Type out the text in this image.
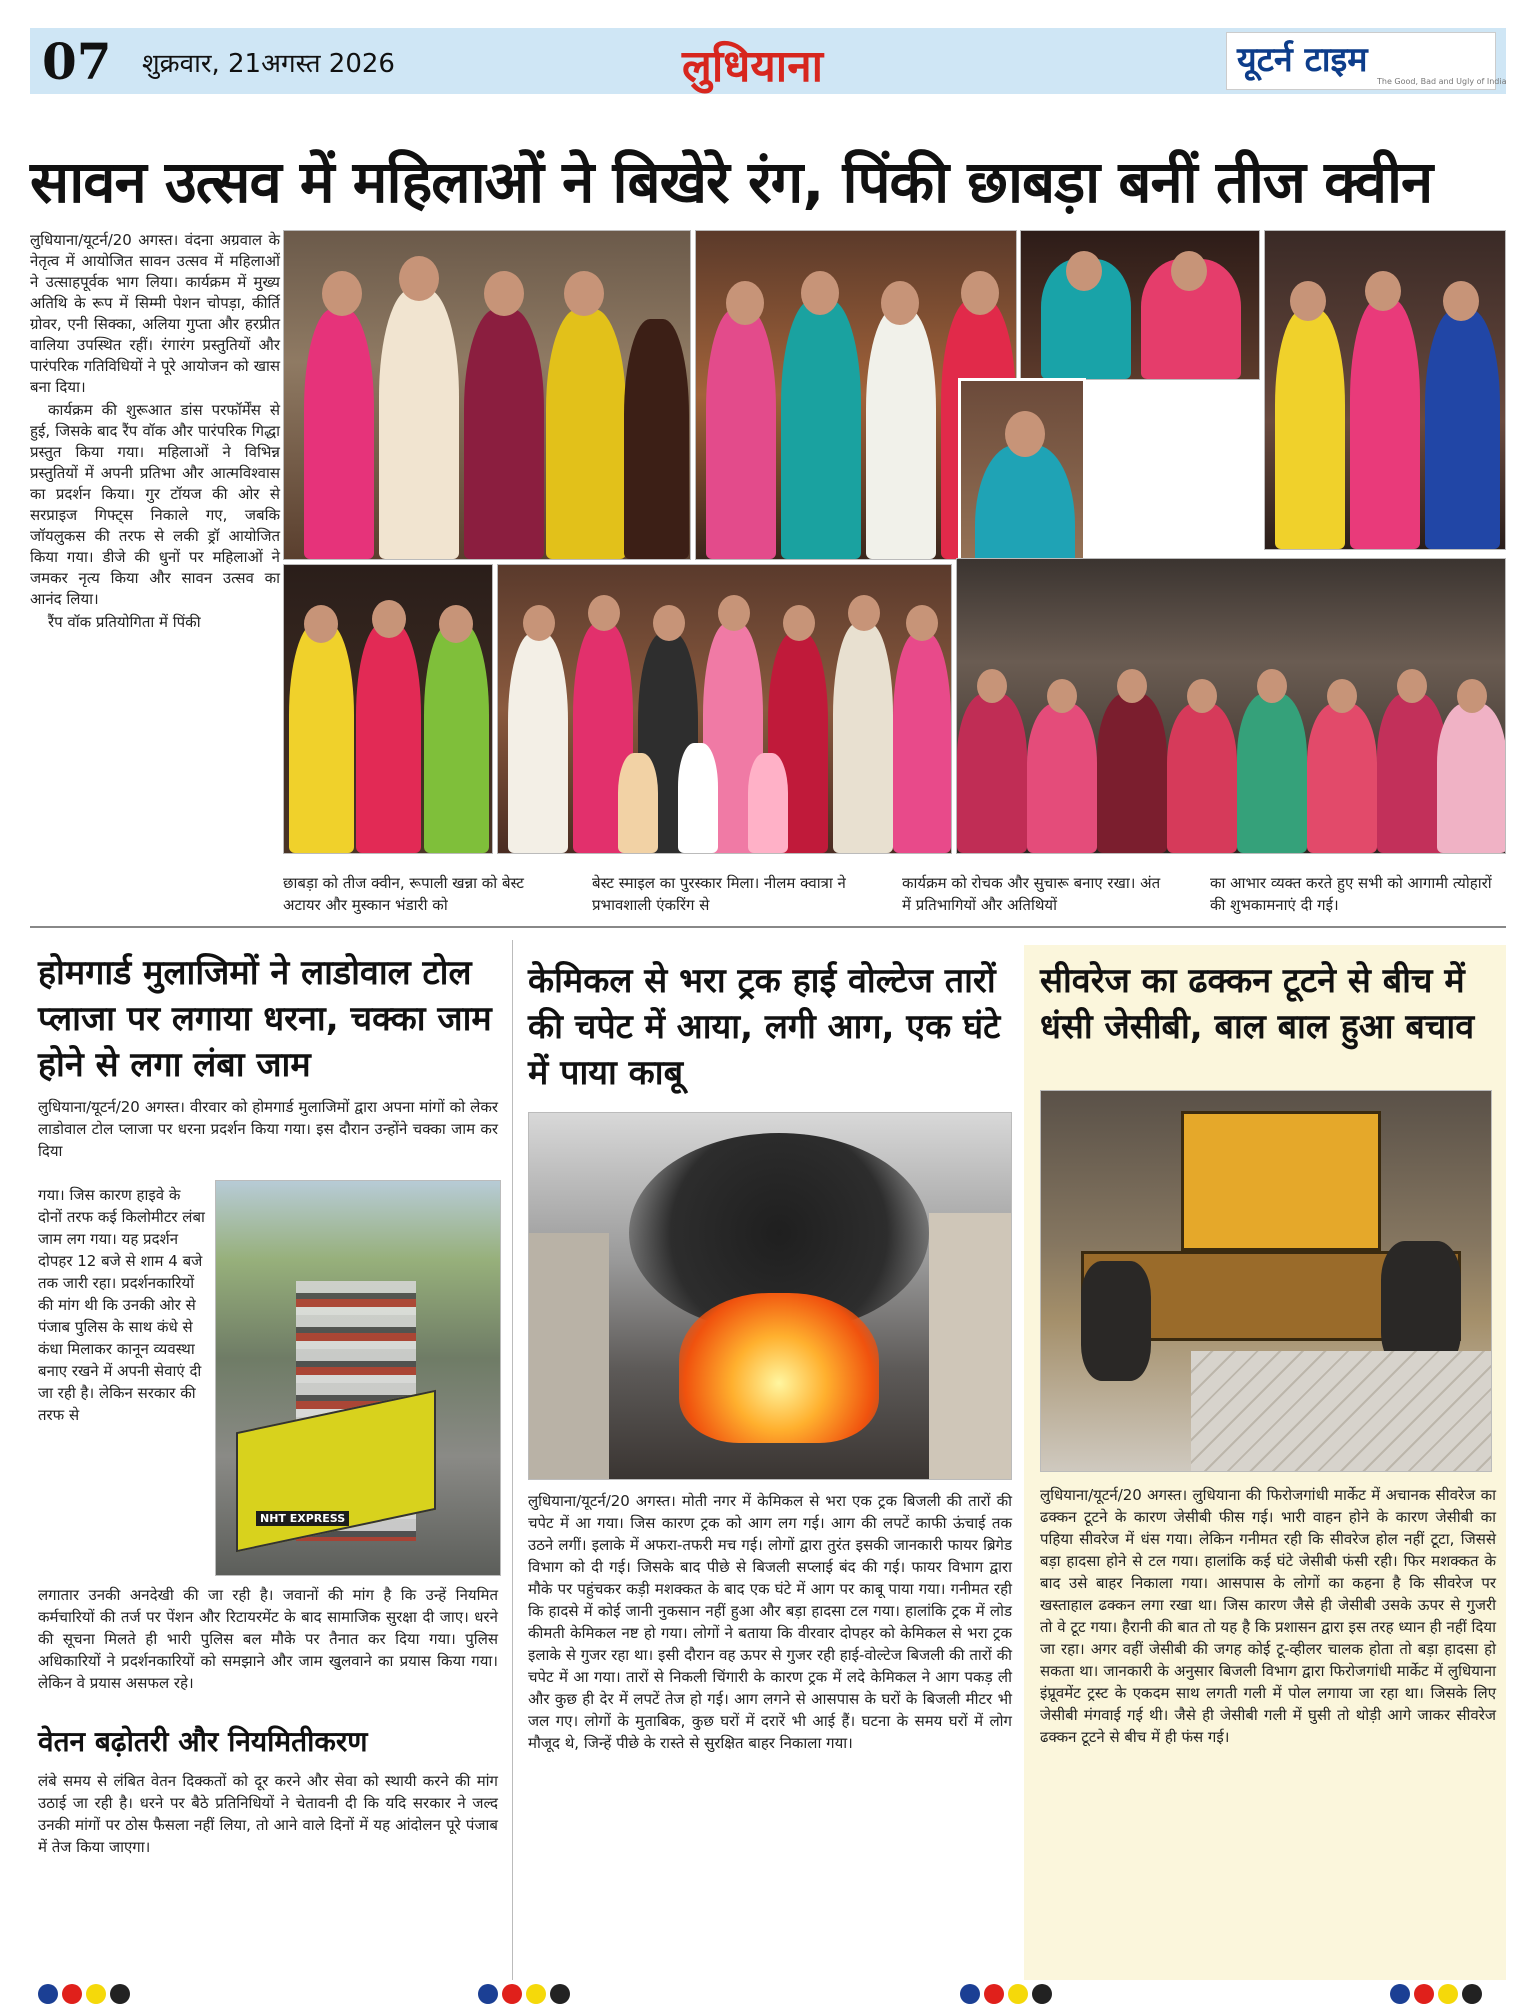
07 शुक्रवार, 21अगस्त 2026	लुधियाना	यूटर्न टाइम
The Good, Bad and Ugly of India
सावन उत्सव में महिलाओं ने बिखेरे रंग, पिंकी छाबड़ा बनीं तीज क्वीन

लुधियाना/यूटर्न/20 अगस्त। वंदना अग्रवाल के नेतृत्व में आयोजित सावन उत्सव में महिलाओं ने उत्साहपूर्वक भाग लिया। कार्यक्रम में मुख्य अतिथि के रूप में सिम्मी पेशन चोपड़ा, कीर्ति ग्रोवर, एनी सिक्का, अलिया गुप्ता और हरप्रीत वालिया उपस्थित रहीं। रंगारंग प्रस्तुतियों और पारंपरिक गतिविधियों ने पूरे आयोजन को खास बना दिया।

कार्यक्रम की शुरूआत डांस परफॉर्मेंस से हुई, जिसके बाद रैंप वॉक और पारंपरिक गिद्धा प्रस्तुत किया गया। महिलाओं ने विभिन्न प्रस्तुतियों में अपनी प्रतिभा और आत्मविश्वास का प्रदर्शन किया। गुर टॉयज की ओर से सरप्राइज गिफ्ट्स निकाले गए, जबकि जॉयलुकस की तरफ से लकी ड्रॉ आयोजित किया गया। डीजे की धुनों पर महिलाओं ने जमकर नृत्य किया और सावन उत्सव का आनंद लिया।

रैंप वॉक प्रतियोगिता में पिंकी

छाबड़ा को तीज क्वीन, रूपाली खन्ना को बेस्ट अटायर और मुस्कान भंडारी को
बेस्ट स्माइल का पुरस्कार मिला। नीलम क्वात्रा ने प्रभावशाली एंकरिंग से
कार्यक्रम को रोचक और सुचारू बनाए रखा। अंत में प्रतिभागियों और अतिथियों
का आभार व्यक्त करते हुए सभी को आगामी त्योहारों की शुभकामनाएं दी गई।
होमगार्ड मुलाजिमों ने लाडोवाल टोल प्लाजा पर लगाया धरना, चक्का जाम होने से लगा लंबा जाम
लुधियाना/यूटर्न/20 अगस्त। वीरवार को होमगार्ड मुलाजिमों द्वारा अपना मांगों को लेकर लाडोवाल टोल प्लाजा पर धरना प्रदर्शन किया गया। इस दौरान उन्होंने चक्का जाम कर दिया
गया। जिस कारण हाइवे के दोनों तरफ कई किलोमीटर लंबा जाम लग गया। यह प्रदर्शन दोपहर 12 बजे से शाम 4 बजे तक जारी रहा। प्रदर्शनकारियों की मांग थी कि उनकी ओर से पंजाब पुलिस के साथ कंधे से कंधा मिलाकर कानून व्यवस्था बनाए रखने में अपनी सेवाएं दी जा रही है। लेकिन सरकार की तरफ से
NHT EXPRESS
लगातार उनकी अनदेखी की जा रही है। जवानों की मांग है कि उन्हें नियमित कर्मचारियों की तर्ज पर पेंशन और रिटायरमेंट के बाद सामाजिक सुरक्षा दी जाए। धरने की सूचना मिलते ही भारी पुलिस बल मौके पर तैनात कर दिया गया। पुलिस अधिकारियों ने प्रदर्शनकारियों को समझाने और जाम खुलवाने का प्रयास किया गया। लेकिन वे प्रयास असफल रहे।
वेतन बढ़ोतरी और नियमितीकरण
लंबे समय से लंबित वेतन दिक्कतों को दूर करने और सेवा को स्थायी करने की मांग उठाई जा रही है। धरने पर बैठे प्रतिनिधियों ने चेतावनी दी कि यदि सरकार ने जल्द उनकी मांगों पर ठोस फैसला नहीं लिया, तो आने वाले दिनों में यह आंदोलन पूरे पंजाब में तेज किया जाएगा।
केमिकल से भरा ट्रक हाई वोल्टेज तारों की चपेट में आया, लगी आग, एक घंटे में पाया काबू
लुधियाना/यूटर्न/20 अगस्त। मोती नगर में केमिकल से भरा एक ट्रक बिजली की तारों की चपेट में आ गया। जिस कारण ट्रक को आग लग गई। आग की लपटें काफी ऊंचाई तक उठने लगीं। इलाके में अफरा-तफरी मच गई। लोगों द्वारा तुरंत इसकी जानकारी फायर ब्रिगेड विभाग को दी गई। जिसके बाद पीछे से बिजली सप्लाई बंद की गई। फायर विभाग द्वारा मौके पर पहुंचकर कड़ी मशक्कत के बाद एक घंटे में आग पर काबू पाया गया। गनीमत रही कि हादसे में कोई जानी नुकसान नहीं हुआ और बड़ा हादसा टल गया। हालांकि ट्रक में लोड कीमती केमिकल नष्ट हो गया। लोगों ने बताया कि वीरवार दोपहर को केमिकल से भरा ट्रक इलाके से गुजर रहा था। इसी दौरान वह ऊपर से गुजर रही हाई-वोल्टेज बिजली की तारों की चपेट में आ गया। तारों से निकली चिंगारी के कारण ट्रक में लदे केमिकल ने आग पकड़ ली और कुछ ही देर में लपटें तेज हो गई। आग लगने से आसपास के घरों के बिजली मीटर भी जल गए। लोगों के मुताबिक, कुछ घरों में दरारें भी आई हैं। घटना के समय घरों में लोग मौजूद थे, जिन्हें पीछे के रास्ते से सुरक्षित बाहर निकाला गया।
सीवरेज का ढक्कन टूटने से बीच में धंसी जेसीबी, बाल बाल हुआ बचाव
लुधियाना/यूटर्न/20 अगस्त। लुधियाना की फिरोजगांधी मार्केट में अचानक सीवरेज का ढक्कन टूटने के कारण जेसीबी फीस गई। भारी वाहन होने के कारण जेसीबी का पहिया सीवरेज में धंस गया। लेकिन गनीमत रही कि सीवरेज होल नहीं टूटा, जिससे बड़ा हादसा होने से टल गया। हालांकि कई घंटे जेसीबी फंसी रही। फिर मशक्कत के बाद उसे बाहर निकाला गया। आसपास के लोगों का कहना है कि सीवरेज पर खस्ताहाल ढक्कन लगा रखा था। जिस कारण जैसे ही जेसीबी उसके ऊपर से गुजरी तो वे टूट गया। हैरानी की बात तो यह है कि प्रशासन द्वारा इस तरह ध्यान ही नहीं दिया जा रहा। अगर वहीं जेसीबी की जगह कोई टू-व्हीलर चालक होता तो बड़ा हादसा हो सकता था। जानकारी के अनुसार बिजली विभाग द्वारा फिरोजगांधी मार्केट में लुधियाना इंप्रूवमेंट ट्रस्ट के एकदम साथ लगती गली में पोल लगाया जा रहा था। जिसके लिए जेसीबी मंगवाई गई थी। जैसे ही जेसीबी गली में घुसी तो थोड़ी आगे जाकर सीवरेज ढक्कन टूटने से बीच में ही फंस गई।
